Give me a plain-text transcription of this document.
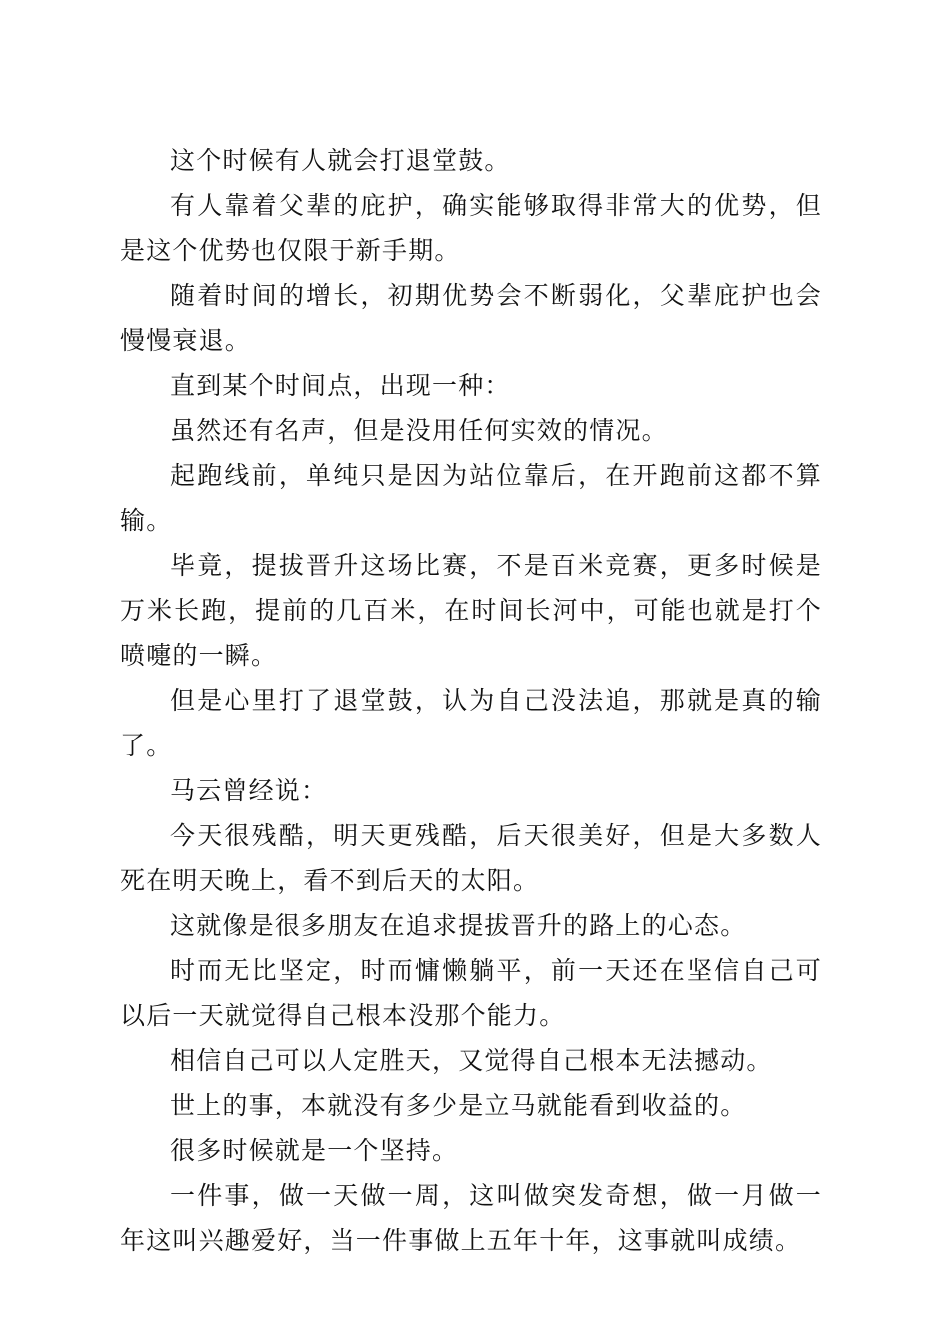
这个时候有人就会打退堂鼓。

有人靠着父辈的庇护，确实能够取得非常大的优势，但是这个优势也仅限于新手期。

随着时间的增长，初期优势会不断弱化，父辈庇护也会慢慢衰退。

直到某个时间点，出现一种：

虽然还有名声，但是没用任何实效的情况。

起跑线前，单纯只是因为站位靠后，在开跑前这都不算输。

毕竟，提拔晋升这场比赛，不是百米竞赛，更多时候是万米长跑，提前的几百米，在时间长河中，可能也就是打个喷嚏的一瞬。

但是心里打了退堂鼓，认为自己没法追，那就是真的输了。

马云曾经说：

今天很残酷，明天更残酷，后天很美好，但是大多数人死在明天晚上，看不到后天的太阳。

这就像是很多朋友在追求提拔晋升的路上的心态。

时而无比坚定，时而慵懒躺平，前一天还在坚信自己可以后一天就觉得自己根本没那个能力。

相信自己可以人定胜天，又觉得自己根本无法撼动。

世上的事，本就没有多少是立马就能看到收益的。

很多时候就是一个坚持。

一件事，做一天做一周，这叫做突发奇想，做一月做一年这叫兴趣爱好，当一件事做上五年十年，这事就叫成绩。
